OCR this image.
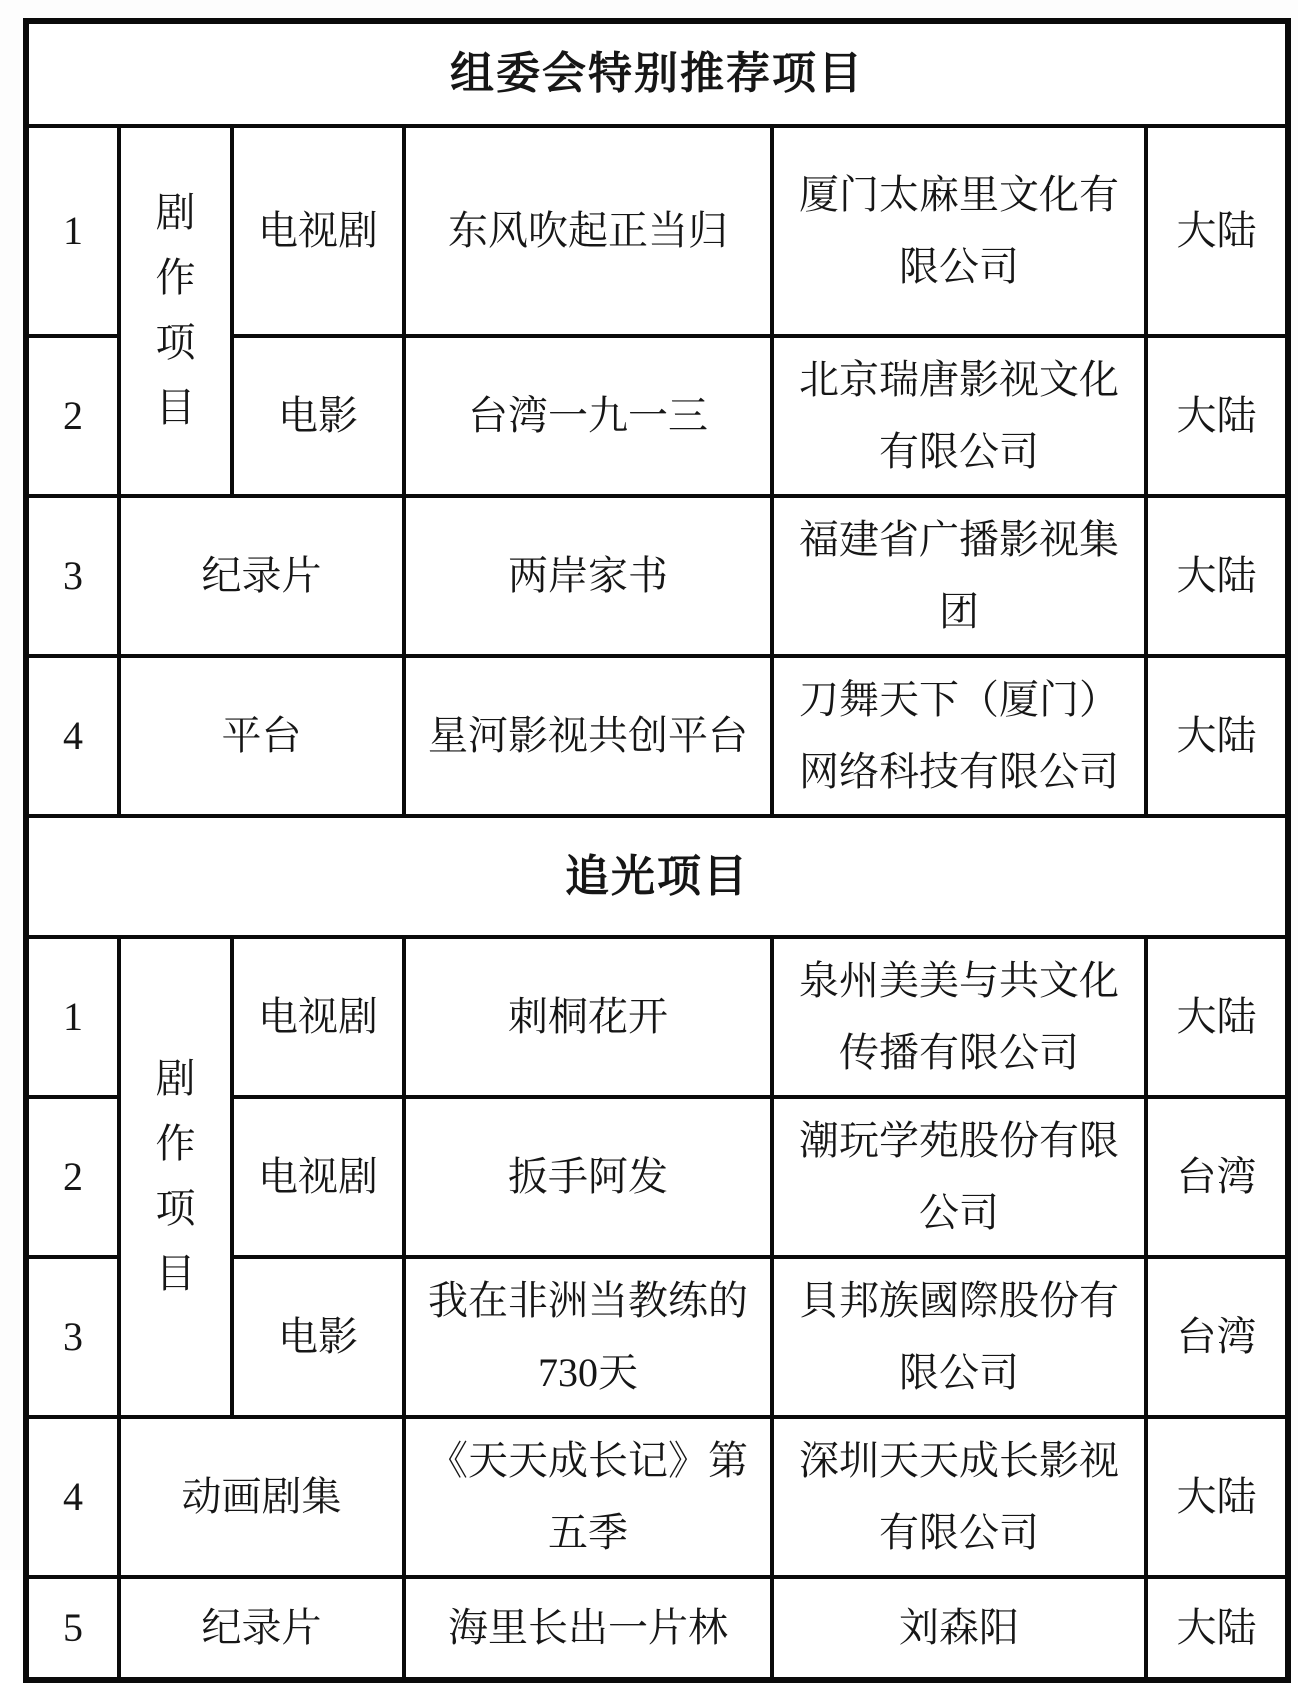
组委会特别推荐项目					
1	剧作项目	电视剧	东风吹起正当归	厦门太麻里文化有限公司	大陆
2		电影	台湾一九一三	北京瑞唐影视文化有限公司	大陆
3	纪录片		两岸家书	福建省广播影视集团	大陆
4	平台		星河影视共创平台	刀舞天下（厦门）网络科技有限公司	大陆
追光项目					
1	剧作项目	电视剧	刺桐花开	泉州美美与共文化传播有限公司	大陆
2		电视剧	扳手阿发	潮玩学苑股份有限公司	台湾
3		电影	我在非洲当教练的730天	貝邦族國際股份有限公司	台湾
4	动画剧集		《天天成长记》第五季	深圳天天成长影视有限公司	大陆
5	纪录片		海里长出一片林	刘森阳	大陆
